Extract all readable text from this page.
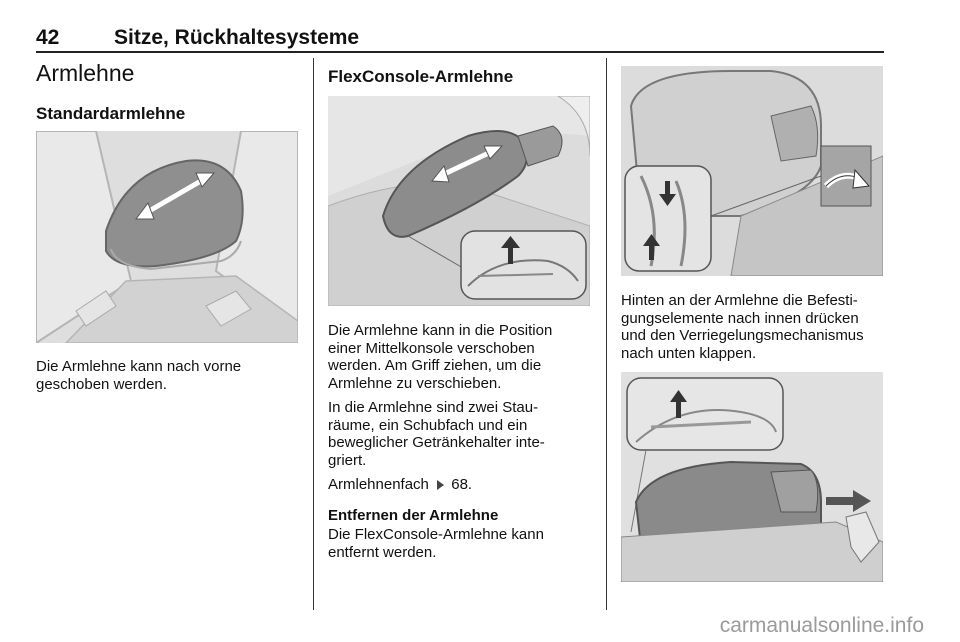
42	Sitze, Rückhaltesysteme
Armlehne
Standardarmlehne
Die Armlehne kann nach vorne
geschoben werden.
FlexConsole-Armlehne
Die Armlehne kann in die Position
einer Mittelkonsole verschoben
werden. Am Griff ziehen, um die
Armlehne zu verschieben.
In die Armlehne sind zwei Stau-
räume, ein Schubfach und ein
beweglicher Getränkehalter inte-
griert.
Armlehnenfach 68.
Entfernen der Armlehne
Die FlexConsole-Armlehne kann
entfernt werden.
Hinten an der Armlehne die Befesti-
gungselemente nach innen drücken
und den Verriegelungsmechanismus
nach unten klappen.
carmanualsonline.info
